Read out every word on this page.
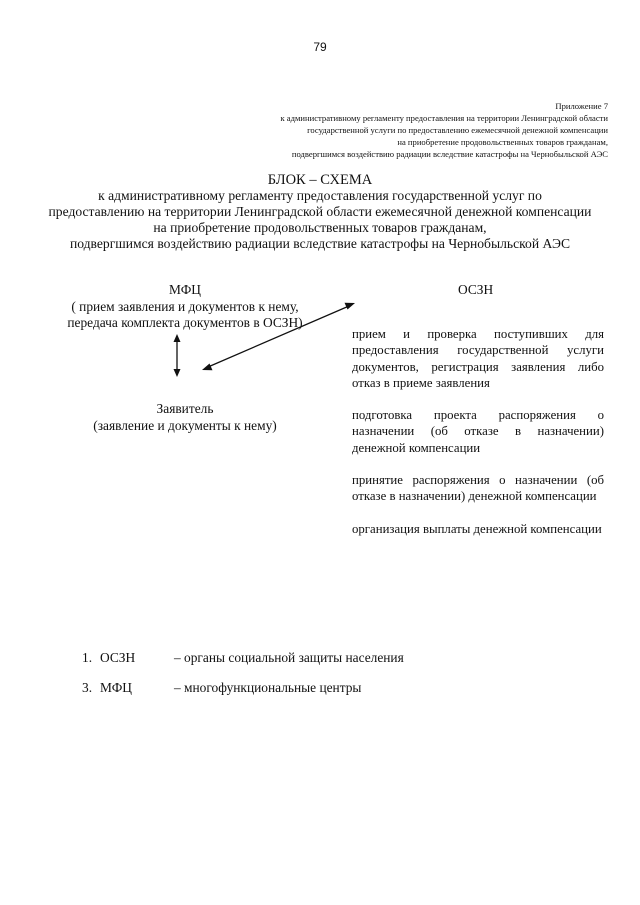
79
Приложение 7
к административному регламенту предоставления на территории Ленинградской области
государственной услуги по предоставлению ежемесячной денежной компенсации
на приобретение продовольственных товаров гражданам,
подвергшимся воздействию радиации вследствие катастрофы на Чернобыльской АЭС
БЛОК – СХЕМА
к административному регламенту предоставления государственной услуг по
предоставлению на территории Ленинградской области ежемесячной денежной компенсации
на приобретение продовольственных товаров гражданам,
подвергшимся воздействию радиации вследствие катастрофы на Чернобыльской АЭС
МФЦ
( прием заявления и документов к нему,
передача комплекта документов в ОСЗН)
ОСЗН
Заявитель
(заявление и документы к нему)
прием и проверка поступивших для предоставления государственной услуги документов, регистрация заявления либо отказ в приеме заявления
подготовка проекта распоряжения о назначении (об отказе в назначении) денежной компенсации
принятие распоряжения о назначении (об отказе в назначении) денежной компенсации
организация выплаты денежной компенсации
1. ОСЗН	– органы социальной защиты населения
3. МФЦ	– многофункциональные центры
